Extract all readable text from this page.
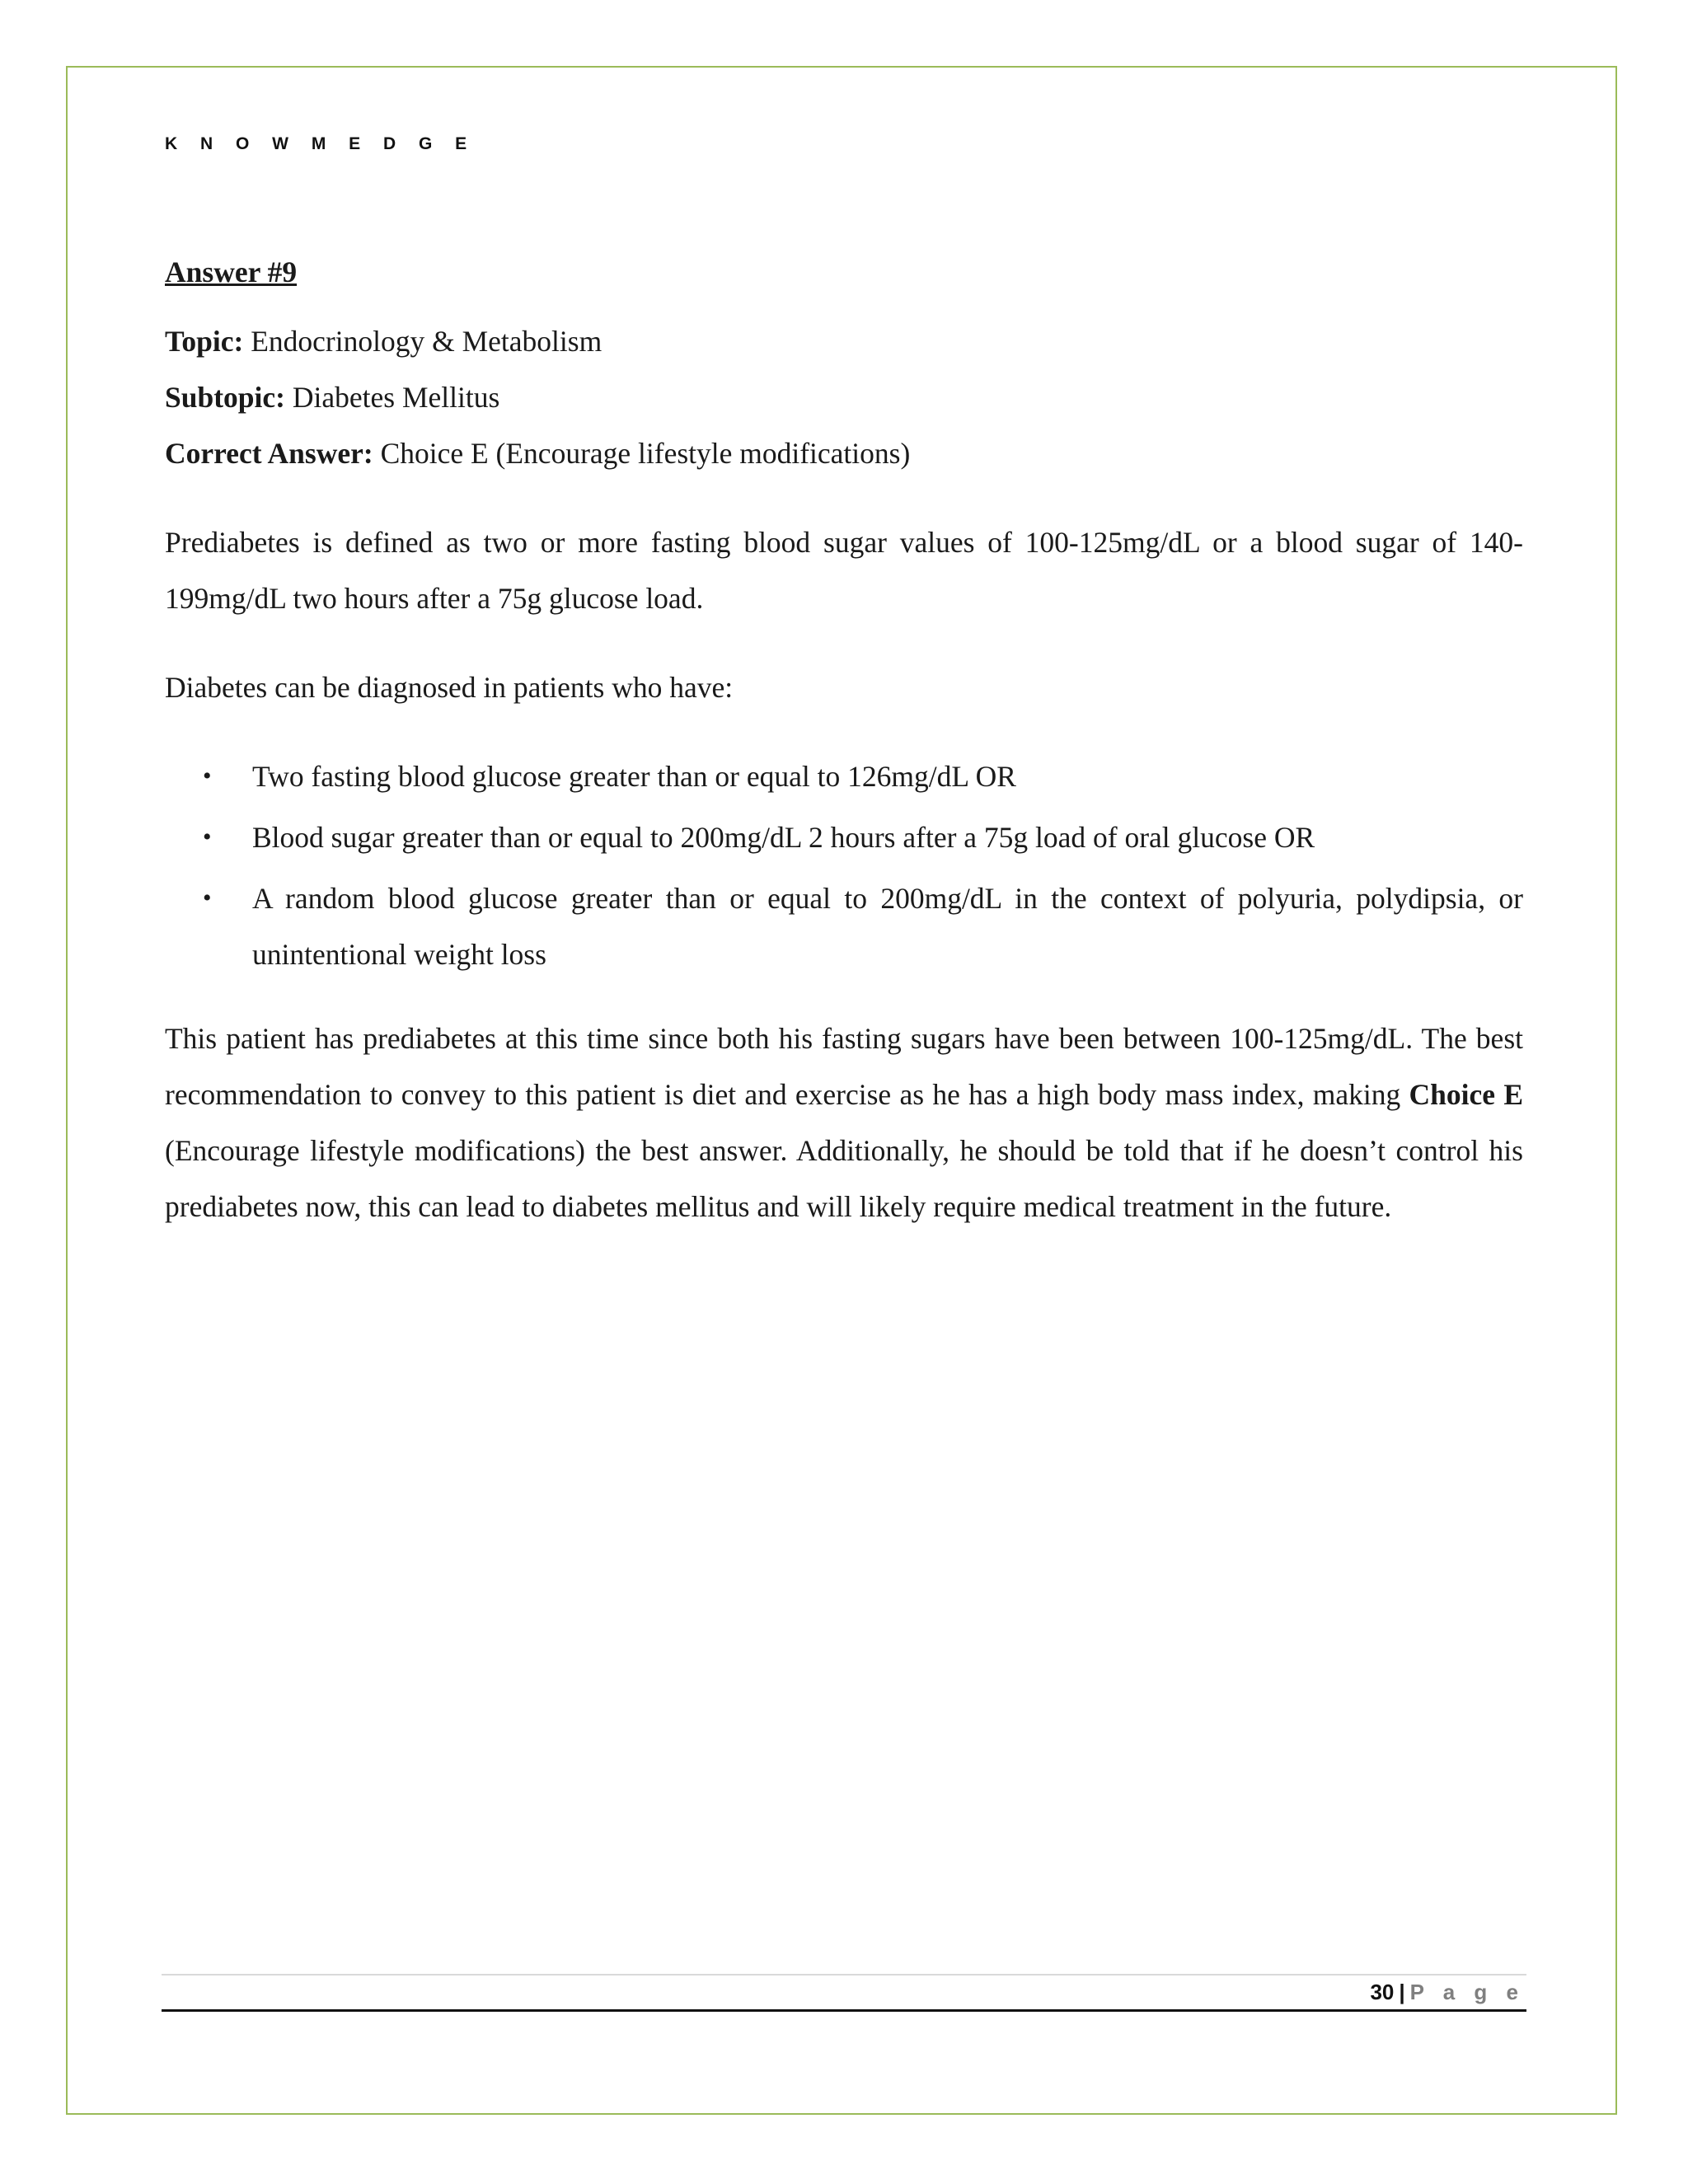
K N O W M E D G E

Answer #9

Topic: Endocrinology & Metabolism

Subtopic: Diabetes Mellitus

Correct Answer: Choice E (Encourage lifestyle modifications)

Prediabetes is defined as two or more fasting blood sugar values of 100-125mg/dL or a blood sugar of 140-199mg/dL two hours after a 75g glucose load.

Diabetes can be diagnosed in patients who have:

• Two fasting blood glucose greater than or equal to 126mg/dL OR
• Blood sugar greater than or equal to 200mg/dL 2 hours after a 75g load of oral glucose OR
• A random blood glucose greater than or equal to 200mg/dL in the context of polyuria, polydipsia, or unintentional weight loss

This patient has prediabetes at this time since both his fasting sugars have been between 100-125mg/dL. The best recommendation to convey to this patient is diet and exercise as he has a high body mass index, making Choice E (Encourage lifestyle modifications) the best answer. Additionally, he should be told that if he doesn’t control his prediabetes now, this can lead to diabetes mellitus and will likely require medical treatment in the future.

30 | P a g e
